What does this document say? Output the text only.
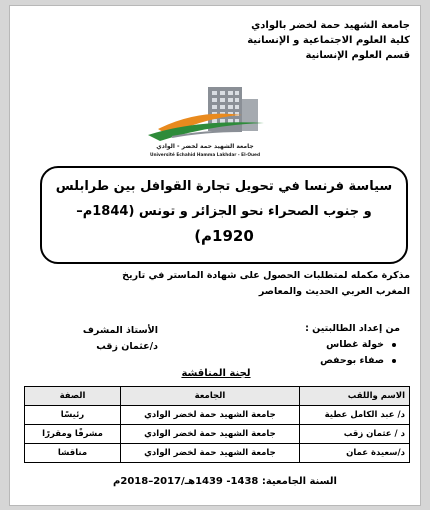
جامعة الشهيد حمة لخضر بالوادي
كلية العلوم الاجتماعية و الإنسانية
قسم العلوم الإنسانية
جامعة الشهيد حمة لخضر - الوادي
Université Echahid Hamma Lakhdar - El-Oued
سياسة فرنسا في تحويل تجارة القوافل بين طرابلس
و جنوب الصحراء نحو الجزائر و تونس (1844م–
1920م)
مذكرة مكمله لمتطلبات الحصول على شهادة الماستر في تاريخ
المغرب العربي الحديث والمعاصر
من إعداد الطالبتين :
خولة غطاس
صفاء بوحفص
الأستاذ المشرف
د/عثمان زقب
لجنة المناقشة
الاسم واللقب	الجامعة	الصفة
د/ عبد الكامل عطية	جامعة الشهيد حمة لخضر الوادي	رئيسًا
د / عثمان زقب	جامعة الشهيد حمة لخضر الوادي	مشرفًا ومقررًا
د/سعيدة عمان	جامعة الشهيد حمة لخضر الوادي	مناقشا
السنة الجامعية: 1438- 1439هـ/2017–2018م
